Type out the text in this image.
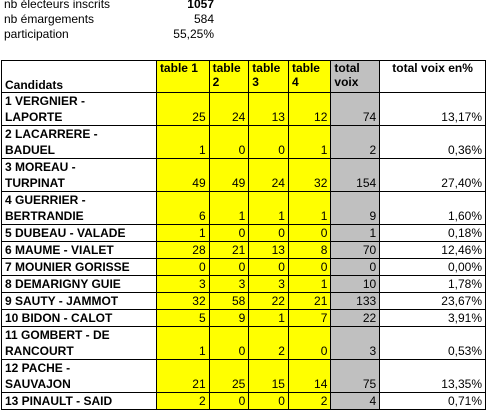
nb électeurs inscrits	1057
nb émargements	584
participation	55,25%
Candidats	table 1	table 2	table 3	table 4	total voix	total voix en%
1 VERGNIER -
LAPORTE	25	24	13	12	74	13,17%
2 LACARRERE -
BADUEL	1	0	0	1	2	0,36%
3 MOREAU -
TURPINAT	49	49	24	32	154	27,40%
4 GUERRIER -
BERTRANDIE	6	1	1	1	9	1,60%
5 DUBEAU - VALADE	1	0	0	0	1	0,18%
6 MAUME - VIALET	28	21	13	8	70	12,46%
7 MOUNIER GORISSE	0	0	0	0	0	0,00%
8 DEMARIGNY GUIE	3	3	3	1	10	1,78%
9 SAUTY - JAMMOT	32	58	22	21	133	23,67%
10 BIDON - CALOT	5	9	1	7	22	3,91%
11 GOMBERT - DE
RANCOURT	1	0	2	0	3	0,53%
12 PACHE -
SAUVAJON	21	25	15	14	75	13,35%
13 PINAULT - SAID	2	0	0	2	4	0,71%
